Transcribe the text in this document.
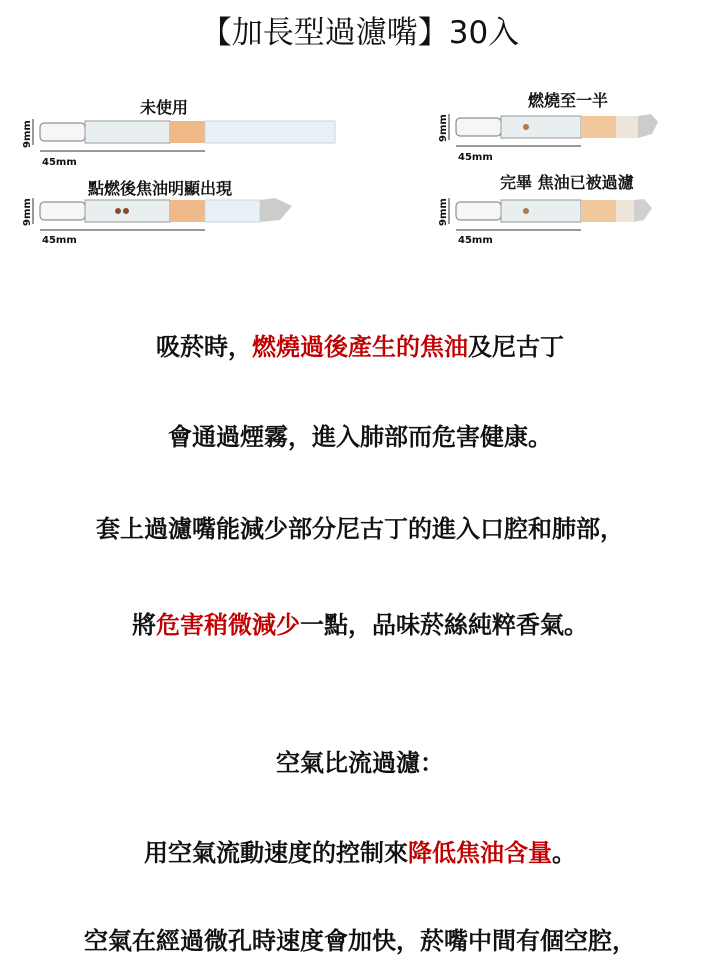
【加長型過濾嘴】30入
未使用
9mm
45mm
燃燒至一半
9mm
45mm
點燃後焦油明顯出現
9mm
45mm
完畢 焦油已被過濾
9mm
45mm
吸菸時，燃燒過後產生的焦油及尼古丁
會通過煙霧，進入肺部而危害健康。
套上過濾嘴能減少部分尼古丁的進入口腔和肺部，
將危害稍微減少一點，品味菸絲純粹香氣。
空氣比流過濾：
用空氣流動速度的控制來降低焦油含量。
空氣在經過微孔時速度會加快，菸嘴中間有個空腔，
